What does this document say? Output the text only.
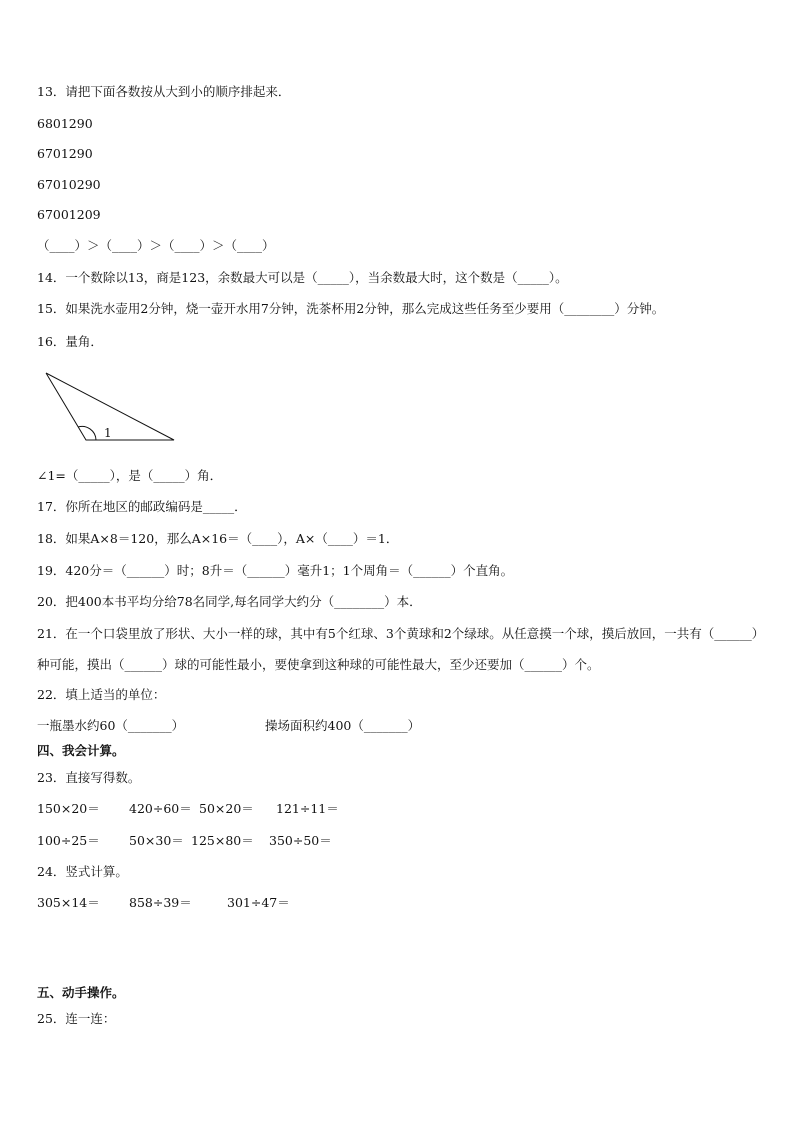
13．请把下面各数按从大到小的顺序排起来．
6801290
6701290
67010290
67001209
（____）＞（____）＞（____）＞（____）
14．一个数除以13，商是123，余数最大可以是（_____），当余数最大时，这个数是（_____）。
15．如果洗水壶用2分钟，烧一壶开水用7分钟，洗茶杯用2分钟，那么完成这些任务至少要用（________）分钟。
16．量角．
1
∠1=（_____），是（_____）角．
17．你所在地区的邮政编码是_____．
18．如果A×8＝120，那么A×16＝（____），A×（____）＝1．
19．420分＝（______）时；8升＝（______）毫升1；1个周角＝（______）个直角。
20．把400本书平均分给78名同学,每名同学大约分（________）本．
21．在一个口袋里放了形状、大小一样的球，其中有5个红球、3个黄球和2个绿球。从任意摸一个球，摸后放回，一共有（______）种可能，摸出（______）球的可能性最小，要使拿到这种球的可能性最大，至少还要加（______）个。
22．填上适当的单位：
一瓶墨水约60（_______）	操场面积约400（_______）
四、我会计算。
23．直接写得数。
150×20＝ 420÷60＝ 50×20＝ 121÷11＝
100÷25＝ 50×30＝ 125×80＝ 350÷50＝
24．竖式计算。
305×14＝ 858÷39＝	301÷47＝
五、动手操作。
25．连一连：
